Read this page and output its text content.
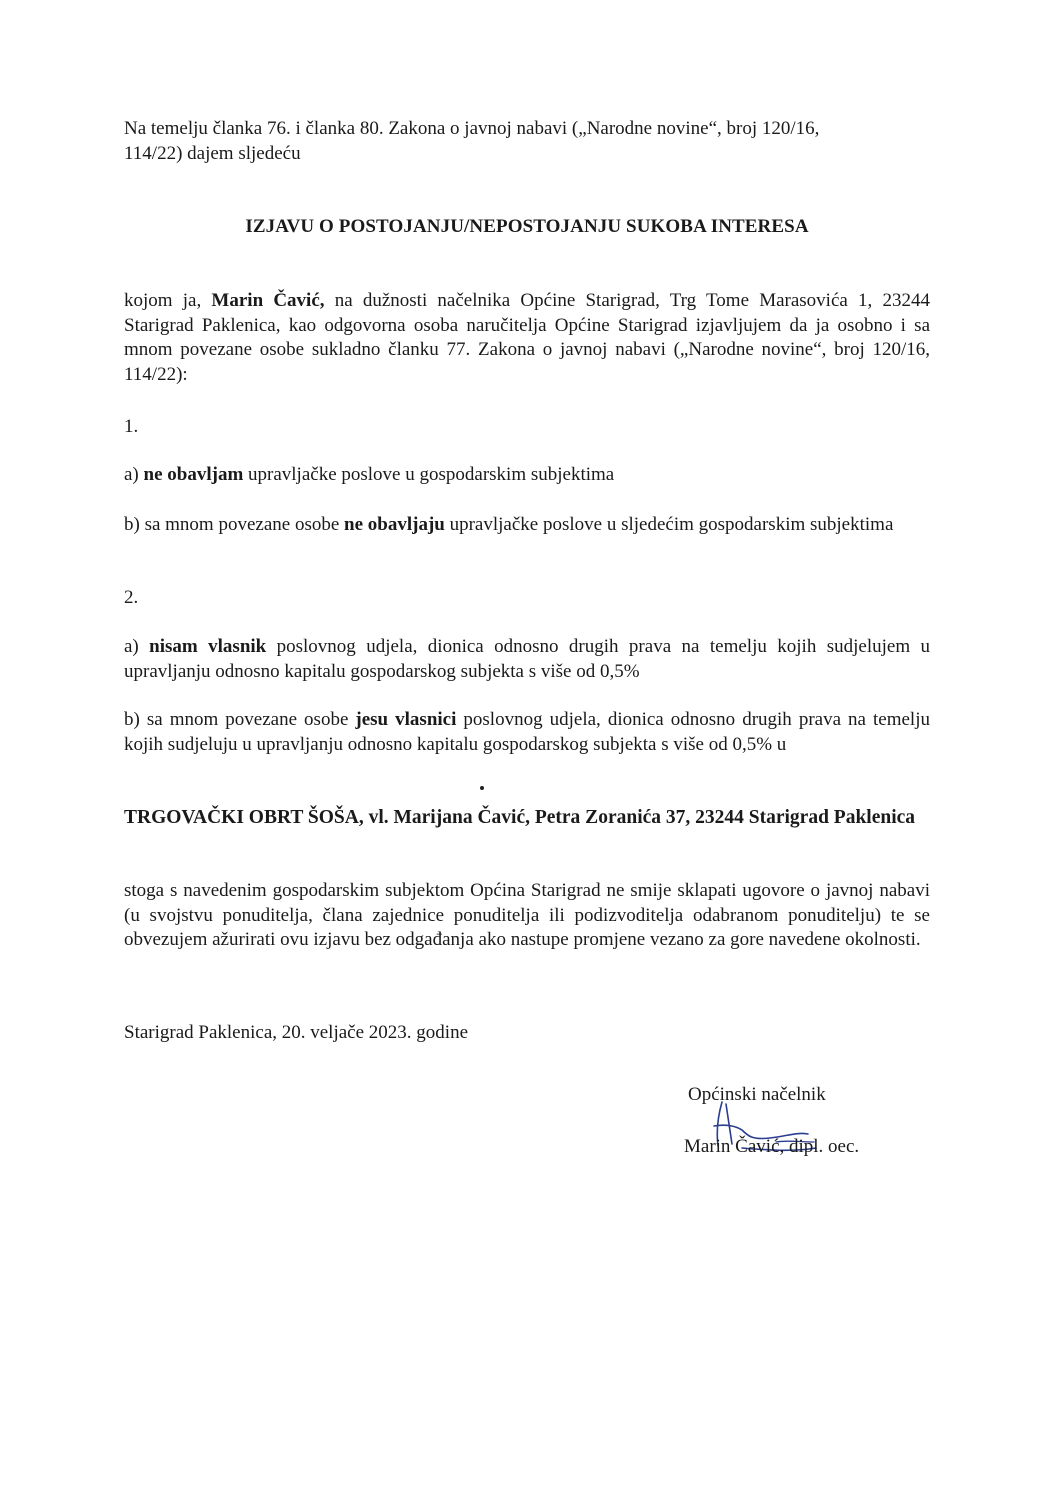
Na temelju članka 76. i članka 80. Zakona o javnoj nabavi („Narodne novine“, broj 120/16,
114/22) dajem sljedeću

IZJAVU O POSTOJANJU/NEPOSTOJANJU SUKOBA INTERESA

kojom ja, Marin Čavić, na dužnosti načelnika Općine Starigrad, Trg Tome Marasovića 1, 23244 Starigrad Paklenica, kao odgovorna osoba naručitelja Općine Starigrad izjavljujem da ja osobno i sa mnom povezane osobe sukladno članku 77. Zakona o javnoj nabavi („Narodne novine“, broj 120/16, 114/22):

1.

a) ne obavljam upravljačke poslove u gospodarskim subjektima

b) sa mnom povezane osobe ne obavljaju upravljačke poslove u sljedećim gospodarskim subjektima

2.

a) nisam vlasnik poslovnog udjela, dionica odnosno drugih prava na temelju kojih sudjelujem u upravljanju odnosno kapitalu gospodarskog subjekta s više od 0,5%

b) sa mnom povezane osobe jesu vlasnici poslovnog udjela, dionica odnosno drugih prava na temelju kojih sudjeluju u upravljanju odnosno kapitalu gospodarskog subjekta s više od 0,5% u

TRGOVAČKI OBRT ŠOŠA, vl. Marijana Čavić, Petra Zoranića 37, 23244 Starigrad Paklenica

stoga s navedenim gospodarskim subjektom Općina Starigrad ne smije sklapati ugovore o javnoj nabavi (u svojstvu ponuditelja, člana zajednice ponuditelja ili podizvoditelja odabranom ponuditelju) te se obvezujem ažurirati ovu izjavu bez odgađanja ako nastupe promjene vezano za gore navedene okolnosti.

Starigrad Paklenica, 20. veljače 2023. godine

Općinski načelnik
Marin Čavić, dipl. oec.
